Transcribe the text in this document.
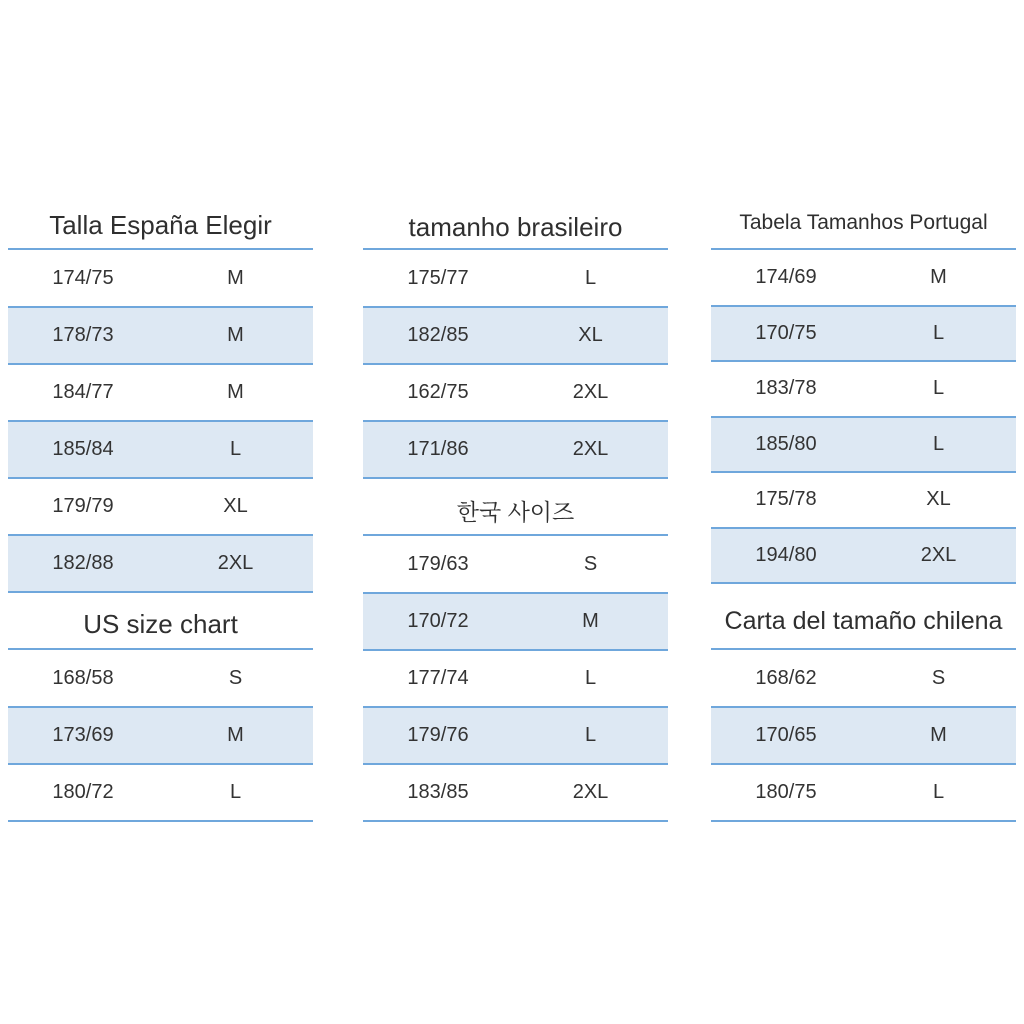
Talla España Elegir
174/75	M
178/73	M
184/77	M
185/84	L
179/79	XL
182/88	2XL
US size chart
168/58	S
173/69	M
180/72	L
tamanho brasileiro
175/77	L
182/85	XL
162/75	2XL
171/86	2XL
한국 사이즈
179/63	S
170/72	M
177/74	L
179/76	L
183/85	2XL
Tabela Tamanhos Portugal
174/69	M
170/75	L
183/78	L
185/80	L
175/78	XL
194/80	2XL
Carta del tamaño chilena
168/62	S
170/65	M
180/75	L
